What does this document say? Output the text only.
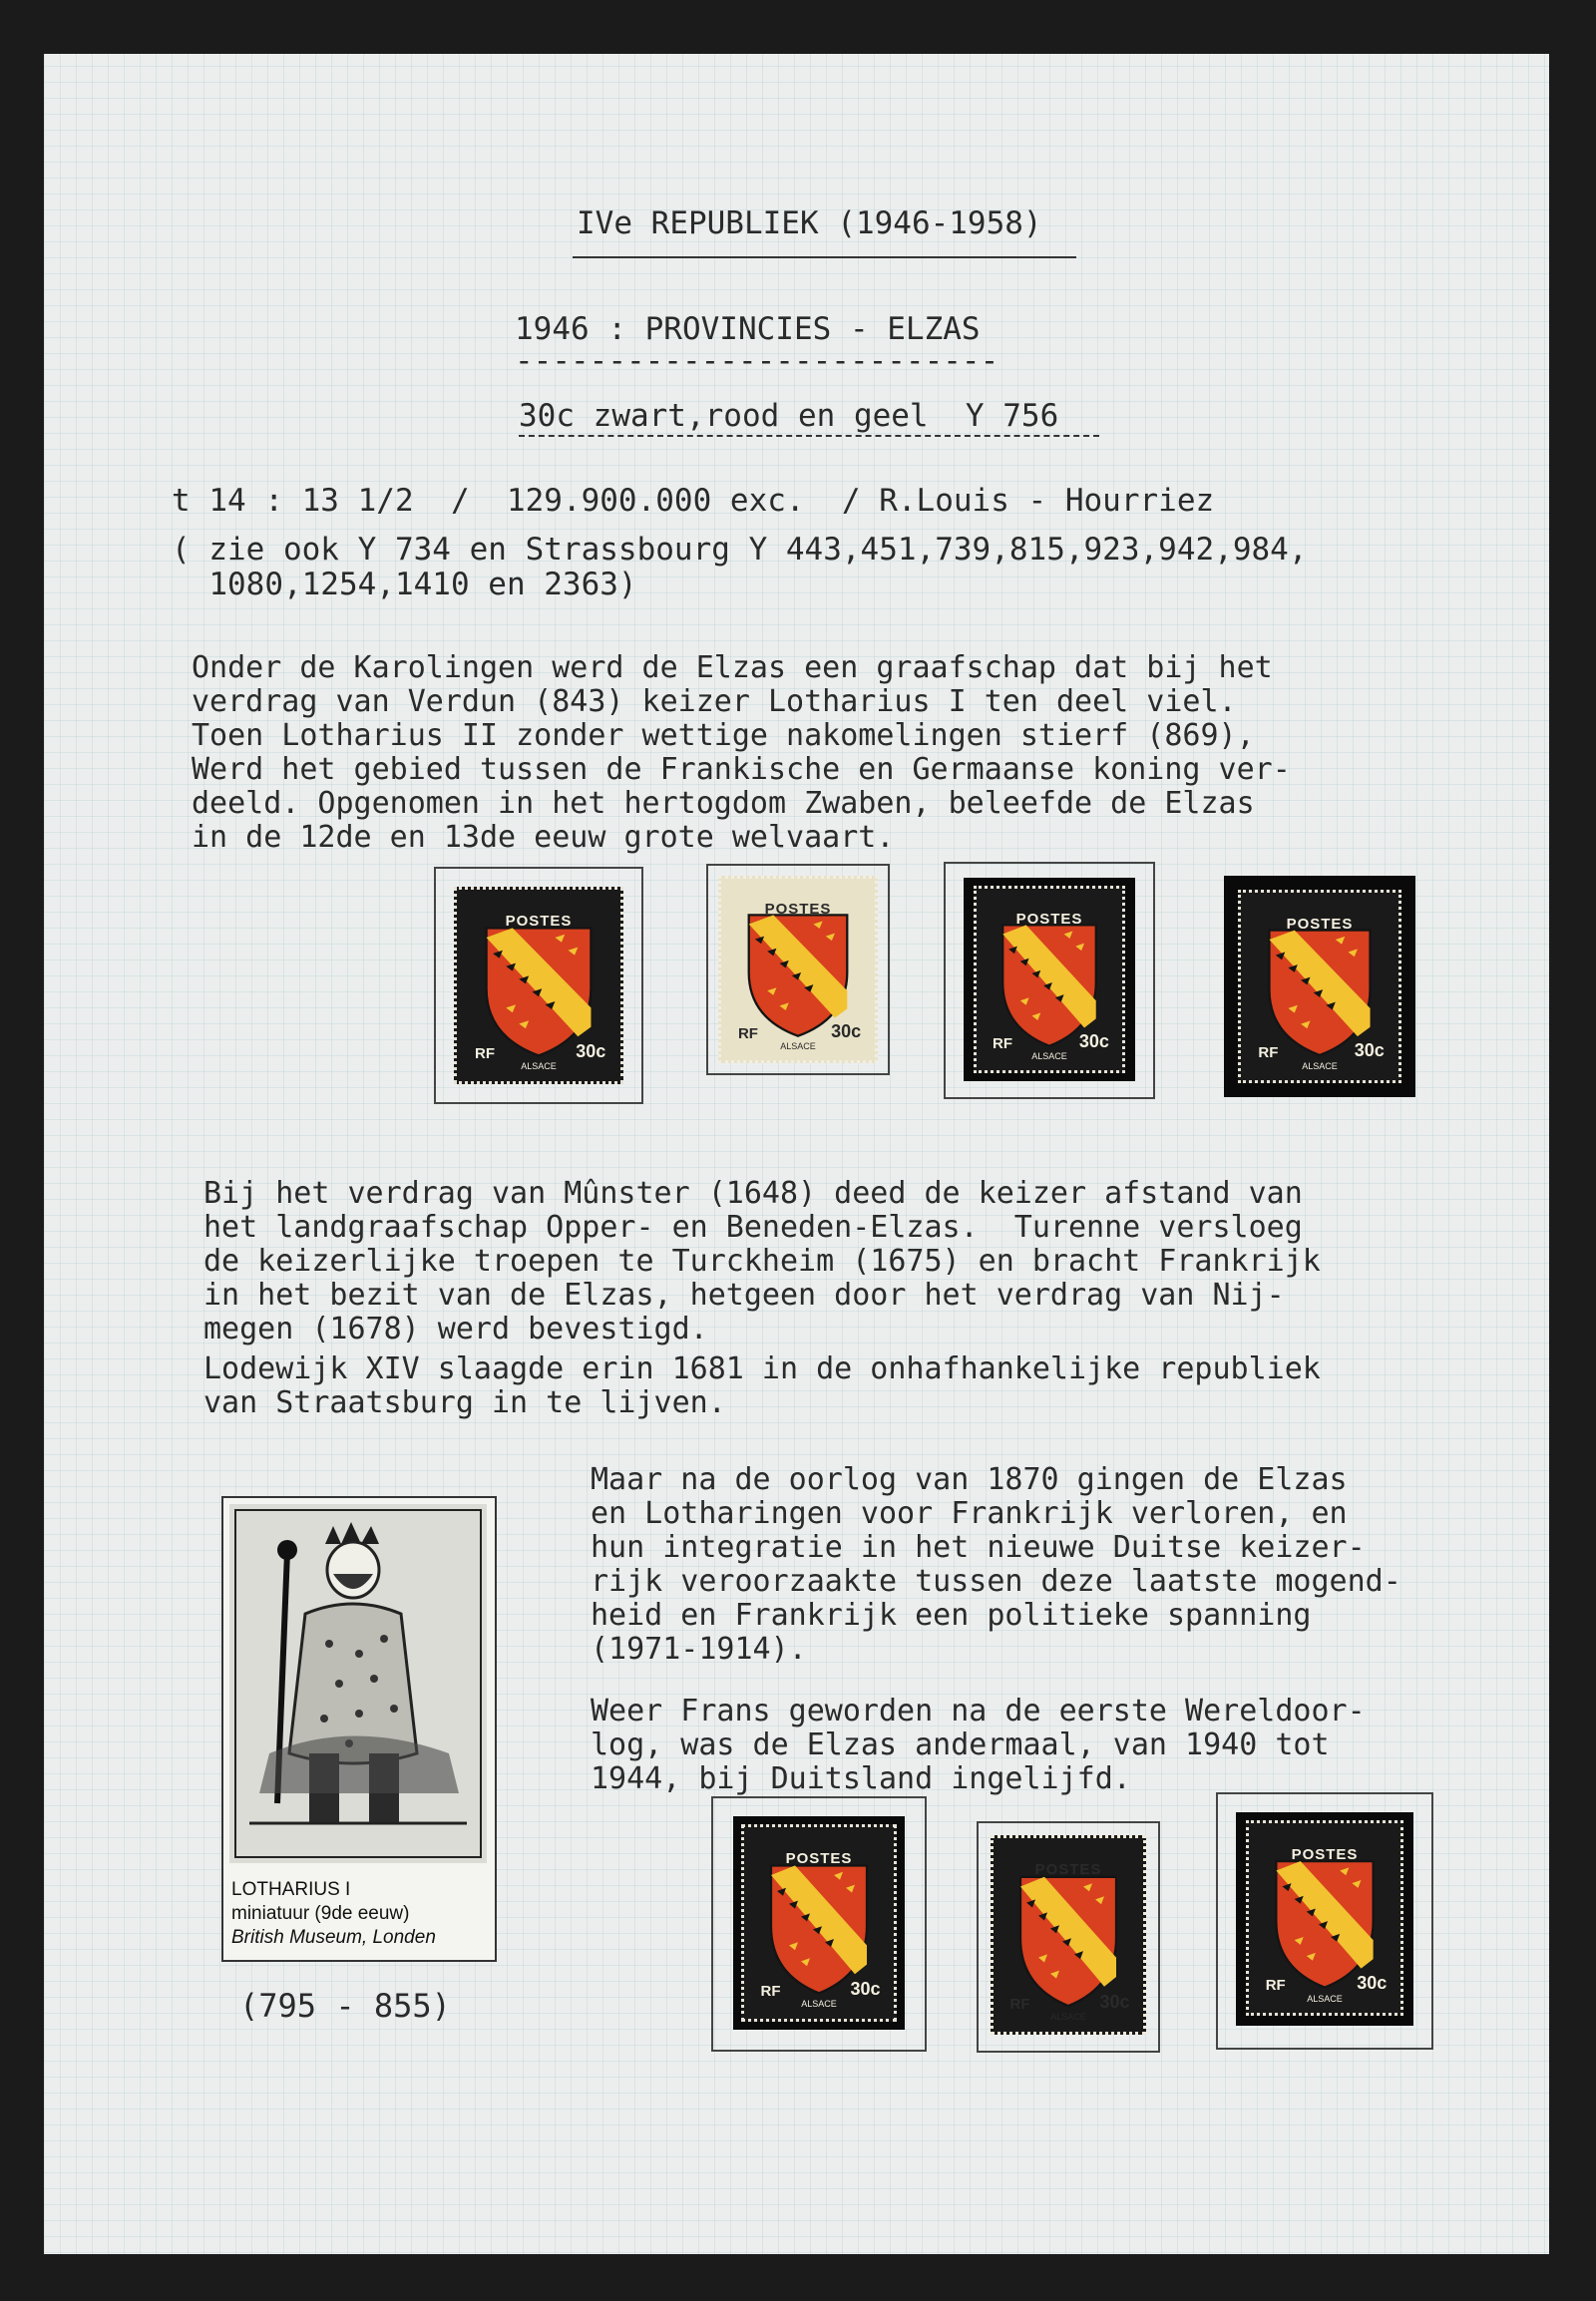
IVe REPUBLIEK (1946-1958)
1946 : PROVINCIES - ELZAS
--------------------------
30c zwart,rood en geel  Y 756
t 14 : 13 1/2  /  129.900.000 exc.  / R.Louis - Hourriez
( zie ook Y 734 en Strassbourg Y 443,451,739,815,923,942,984,
1080,1254,1410 en 2363)
Onder de Karolingen werd de Elzas een graafschap dat bij het
verdrag van Verdun (843) keizer Lotharius I ten deel viel.
Toen Lotharius II zonder wettige nakomelingen stierf (869),
Werd het gebied tussen de Frankische en Germaanse koning ver-
deeld. Opgenomen in het hertogdom Zwaben, beleefde de Elzas
in de 12de en 13de eeuw grote welvaart.
POSTES
RF	30c
ALSACE
POSTES
RF	30c
ALSACE
POSTES
RF	30c
ALSACE
POSTES
RF	30c
ALSACE
Bij het verdrag van Mûnster (1648) deed de keizer afstand van
het landgraafschap Opper- en Beneden-Elzas.  Turenne versloeg
de keizerlijke troepen te Turckheim (1675) en bracht Frankrijk
in het bezit van de Elzas, hetgeen door het verdrag van Nij-
megen (1678) werd bevestigd.
Lodewijk XIV slaagde erin 1681 in de onhafhankelijke republiek
van Straatsburg in te lijven.
LOTHARIUS I
miniatuur (9de eeuw)
British Museum, Londen
(795 - 855)
Maar na de oorlog van 1870 gingen de Elzas
en Lotharingen voor Frankrijk verloren, en
hun integratie in het nieuwe Duitse keizer-
rijk veroorzaakte tussen deze laatste mogend-
heid en Frankrijk een politieke spanning
(1971-1914).
Weer Frans geworden na de eerste Wereldoor-
log, was de Elzas andermaal, van 1940 tot
1944, bij Duitsland ingelijfd.
POSTES
RF	30c
ALSACE
POSTES
RF	30c
ALSACE
POSTES
RF	30c
ALSACE
